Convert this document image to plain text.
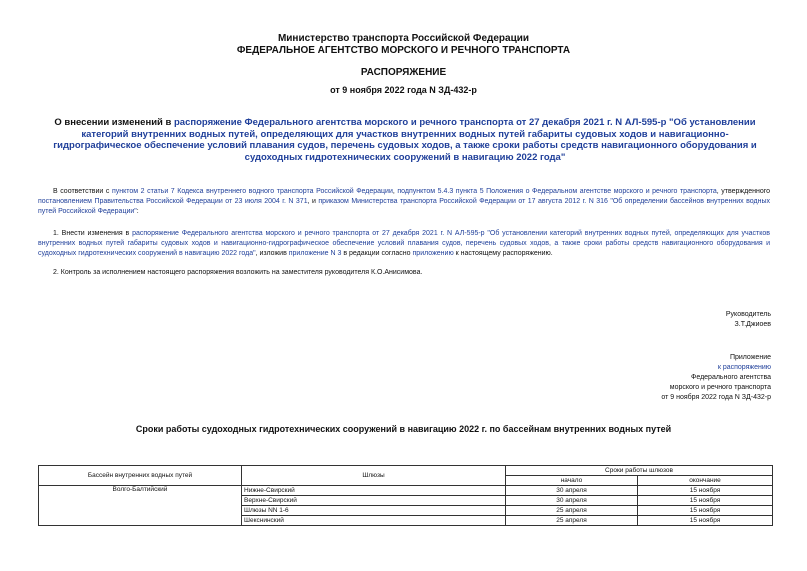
Министерство транспорта Российской Федерации
ФЕДЕРАЛЬНОЕ АГЕНТСТВО МОРСКОГО И РЕЧНОГО ТРАНСПОРТА
РАСПОРЯЖЕНИЕ
от 9 ноября 2022 года N ЗД-432-р
О внесении изменений в распоряжение Федерального агентства морского и речного транспорта от 27 декабря 2021 г. N АЛ-595-р "Об установлении категорий внутренних водных путей, определяющих для участков внутренних водных путей габариты судовых ходов и навигационно-гидрографическое обеспечение условий плавания судов, перечень судовых ходов, а также сроки работы средств навигационного оборудования и судоходных гидротехнических сооружений в навигацию 2022 года"
В соответствии с пунктом 2 статьи 7 Кодекса внутреннего водного транспорта Российской Федерации, подпунктом 5.4.3 пункта 5 Положения о Федеральном агентстве морского и речного транспорта, утвержденного постановлением Правительства Российской Федерации от 23 июля 2004 г. N 371, и приказом Министерства транспорта Российской Федерации от 17 августа 2012 г. N 316 "Об определении бассейнов внутренних водных путей Российской Федерации":
1. Внести изменения в распоряжение Федерального агентства морского и речного транспорта от 27 декабря 2021 г. N АЛ-595-р "Об установлении категорий внутренних водных путей, определяющих для участков внутренних водных путей габариты судовых ходов и навигационно-гидрографическое обеспечение условий плавания судов, перечень судовых ходов, а также сроки работы средств навигационного оборудования и судоходных гидротехнических сооружений в навигацию 2022 года", изложив приложение N 3 в редакции согласно приложению к настоящему распоряжению.
2. Контроль за исполнением настоящего распоряжения возложить на заместителя руководителя К.О.Анисимова.
Руководитель
З.Т.Джиоев
Приложение
к распоряжению
Федерального агентства
морского и речного транспорта
от 9 ноября 2022 года N ЗД-432-р
Сроки работы судоходных гидротехнических сооружений в навигацию 2022 г. по бассейнам внутренних водных путей
Бассейн внутренних водных путей	Шлюзы	Сроки работы шлюзов	
		начало	окончание
Волго-Балтийский	Нижне-Свирский	30 апреля	15 ноября
	Верхне-Свирский	30 апреля	15 ноября
	Шлюзы NN 1-6	25 апреля	15 ноября
	Шекснинский	25 апреля	15 ноября
